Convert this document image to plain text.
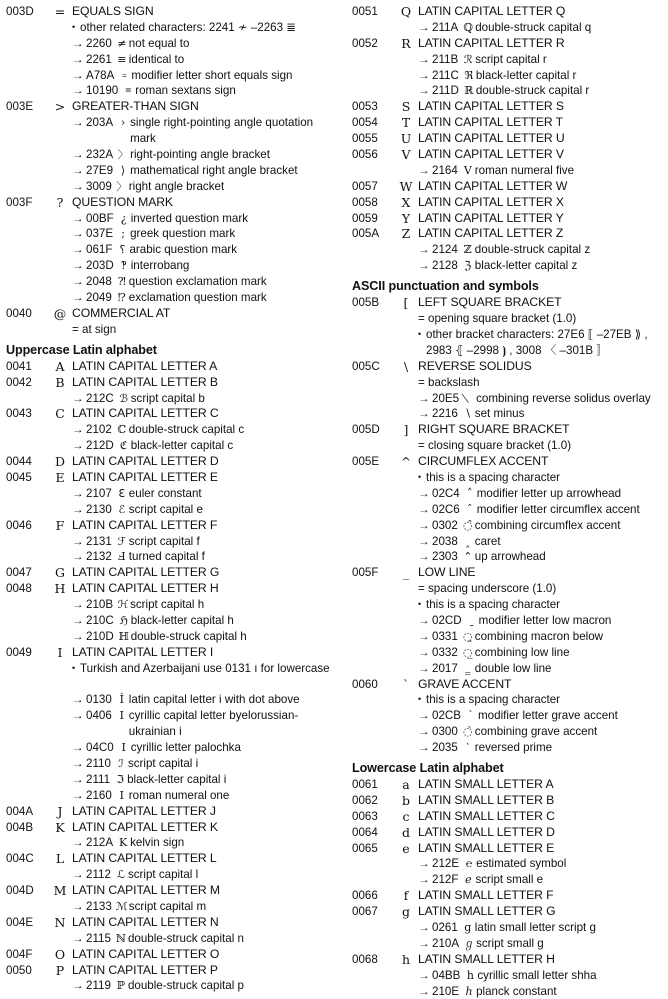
003D	= EQUALS SIGN
• other related characters: 2241 ≁ –2263 ≣
→ 2260 ≠ not equal to
→ 2261 ≡ identical to
→ A78A ꞊ modifier letter short equals sign
→ 10190 𐆐 roman sextans sign
003E	> GREATER-THAN SIGN
→ 203A › single right-pointing angle quotation mark
→ 232A 〉 right-pointing angle bracket
→ 27E9 ⟩ mathematical right angle bracket
→ 3009 〉 right angle bracket
003F	? QUESTION MARK
→ 00BF ¿ inverted question mark
→ 037E ; greek question mark
→ 061F ؟ arabic question mark
→ 203D ‽ interrobang
→ 2048 ⁈ question exclamation mark
→ 2049 ⁉ exclamation question mark
0040	@ COMMERCIAL AT
= at sign
Uppercase Latin alphabet
0041	A LATIN CAPITAL LETTER A
0042	B LATIN CAPITAL LETTER B
→ 212C ℬ script capital b
0043	C LATIN CAPITAL LETTER C
→ 2102 ℂ double-struck capital c
→ 212D ℭ black-letter capital c
0044	D LATIN CAPITAL LETTER D
0045	E LATIN CAPITAL LETTER E
→ 2107 ℇ euler constant
→ 2130 ℰ script capital e
0046	F LATIN CAPITAL LETTER F
→ 2131 ℱ script capital f
→ 2132 Ⅎ turned capital f
0047	G LATIN CAPITAL LETTER G
0048	H LATIN CAPITAL LETTER H
→ 210B ℋ script capital h
→ 210C ℌ black-letter capital h
→ 210D ℍ double-struck capital h
0049	I LATIN CAPITAL LETTER I
• Turkish and Azerbaijani use 0131 ı for lowercase
→ 0130 İ latin capital letter i with dot above
→ 0406 І cyrillic capital letter byelorussian-ukrainian i
→ 04C0 Ӏ cyrillic letter palochka
→ 2110 ℐ script capital i
→ 2111 ℑ black-letter capital i
→ 2160 Ⅰ roman numeral one
004A	J LATIN CAPITAL LETTER J
004B	K LATIN CAPITAL LETTER K
→ 212A K kelvin sign
004C	L LATIN CAPITAL LETTER L
→ 2112 ℒ script capital l
004D	M LATIN CAPITAL LETTER M
→ 2133 ℳ script capital m
004E	N LATIN CAPITAL LETTER N
→ 2115 ℕ double-struck capital n
004F	O LATIN CAPITAL LETTER O
0050	P LATIN CAPITAL LETTER P
→ 2119 ℙ double-struck capital p
0051	Q LATIN CAPITAL LETTER Q
→ 211A ℚ double-struck capital q
0052	R LATIN CAPITAL LETTER R
→ 211B ℛ script capital r
→ 211C ℜ black-letter capital r
→ 211D ℝ double-struck capital r
0053	S LATIN CAPITAL LETTER S
0054	T LATIN CAPITAL LETTER T
0055	U LATIN CAPITAL LETTER U
0056	V LATIN CAPITAL LETTER V
→ 2164 Ⅴ roman numeral five
0057	W LATIN CAPITAL LETTER W
0058	X LATIN CAPITAL LETTER X
0059	Y LATIN CAPITAL LETTER Y
005A	Z LATIN CAPITAL LETTER Z
→ 2124 ℤ double-struck capital z
→ 2128 ℨ black-letter capital z
ASCII punctuation and symbols
005B	[ LEFT SQUARE BRACKET
= opening square bracket (1.0)
• other bracket characters: 27E6 ⟦ –27EB ⟫ , 2983 ⦃ –2998 ⦘ , 3008 〈 –301B 〛
005C	\ REVERSE SOLIDUS
= backslash
→ 20E5 combining reverse solidus overlay
→ 2216 ∖ set minus
005D	] RIGHT SQUARE BRACKET
= closing square bracket (1.0)
005E	^ CIRCUMFLEX ACCENT
• this is a spacing character
→ 02C4 ˄ modifier letter up arrowhead
→ 02C6 ˆ modifier letter circumflex accent
→ 0302 ◌̂ combining circumflex accent
→ 2038 ‸ caret
→ 2303 ⌃ up arrowhead
005F	_ LOW LINE
= spacing underscore (1.0)
• this is a spacing character
→ 02CD ˍ modifier letter low macron
→ 0331 ◌̱ combining macron below
→ 0332 ◌̲ combining low line
→ 2017 ‗ double low line
0060	` GRAVE ACCENT
• this is a spacing character
→ 02CB ˋ modifier letter grave accent
→ 0300 ◌̀ combining grave accent
→ 2035 ‵ reversed prime
Lowercase Latin alphabet
0061	a LATIN SMALL LETTER A
0062	b LATIN SMALL LETTER B
0063	c LATIN SMALL LETTER C
0064	d LATIN SMALL LETTER D
0065	e LATIN SMALL LETTER E
→ 212E ℮ estimated symbol
→ 212F ℯ script small e
0066	f LATIN SMALL LETTER F
0067	g LATIN SMALL LETTER G
→ 0261 ɡ latin small letter script g
→ 210A ℊ script small g
0068	h LATIN SMALL LETTER H
→ 04BB һ cyrillic small letter shha
→ 210E ℎ planck constant
